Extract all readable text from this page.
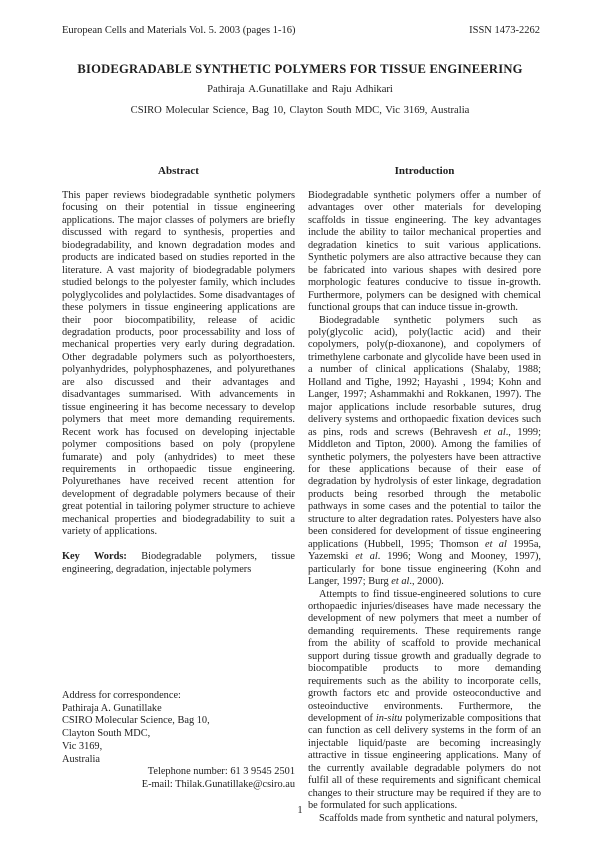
European Cells and Materials Vol. 5. 2003 (pages 1-16)	ISSN 1473-2262
BIODEGRADABLE SYNTHETIC POLYMERS FOR TISSUE ENGINEERING
Pathiraja A.Gunatillake and Raju Adhikari
CSIRO Molecular Science, Bag 10, Clayton South MDC, Vic 3169, Australia
Abstract

This paper reviews biodegradable synthetic polymers focusing on their potential in tissue engineering applications. The major classes of polymers are briefly discussed with regard to synthesis, properties and biodegradability, and known degradation modes and products are indicated based on studies reported in the literature. A vast majority of biodegradable polymers studied belongs to the polyester family, which includes polyglycolides and polylactides. Some disadvantages of these polymers in tissue engineering applications are their poor biocompatibility, release of acidic degradation products, poor processability and loss of mechanical properties very early during degradation. Other degradable polymers such as polyorthoesters, polyanhydrides, polyphosphazenes, and polyurethanes are also discussed and their advantages and disadvantages summarised. With advancements in tissue engineering it has become necessary to develop polymers that meet more demanding requirements. Recent work has focused on developing injectable polymer compositions based on poly (propylene fumarate) and poly (anhydrides) to meet these requirements in orthopaedic tissue engineering. Polyurethanes have received recent attention for development of degradable polymers because of their great potential in tailoring polymer structure to achieve mechanical properties and biodegradability to suit a variety of applications.

Key Words: Biodegradable polymers, tissue engineering, degradation, injectable polymers

Address for correspondence:
Pathiraja A. Gunatillake
CSIRO Molecular Science, Bag 10,
Clayton South MDC,
Vic 3169,
Australia
Telephone number: 61 3 9545 2501
E-mail: Thilak.Gunatillake@csiro.au
Introduction

Biodegradable synthetic polymers offer a number of advantages over other materials for developing scaffolds in tissue engineering. The key advantages include the ability to tailor mechanical properties and degradation kinetics to suit various applications. Synthetic polymers are also attractive because they can be fabricated into various shapes with desired pore morphologic features conducive to tissue in-growth. Furthermore, polymers can be designed with chemical functional groups that can induce tissue in-growth.

Biodegradable synthetic polymers such as poly(glycolic acid), poly(lactic acid) and their copolymers, poly(p-dioxanone), and copolymers of trimethylene carbonate and glycolide have been used in a number of clinical applications (Shalaby, 1988; Holland and Tighe, 1992; Hayashi , 1994; Kohn and Langer, 1997; Ashammakhi and Rokkanen, 1997). The major applications include resorbable sutures, drug delivery systems and orthopaedic fixation devices such as pins, rods and screws (Behravesh et al., 1999; Middleton and Tipton, 2000). Among the families of synthetic polymers, the polyesters have been attractive for these applications because of their ease of degradation by hydrolysis of ester linkage, degradation products being resorbed through the metabolic pathways in some cases and the potential to tailor the structure to alter degradation rates. Polyesters have also been considered for development of tissue engineering applications (Hubbell, 1995; Thomson et al 1995a, Yazemski et al. 1996; Wong and Mooney, 1997), particularly for bone tissue engineering (Kohn and Langer, 1997; Burg et al., 2000).

Attempts to find tissue-engineered solutions to cure orthopaedic injuries/diseases have made necessary the development of new polymers that meet a number of demanding requirements. These requirements range from the ability of scaffold to provide mechanical support during tissue growth and gradually degrade to biocompatible products to more demanding requirements such as the ability to incorporate cells, growth factors etc and provide osteoconductive and osteoinductive environments. Furthermore, the development of in-situ polymerizable compositions that can function as cell delivery systems in the form of an injectable liquid/paste are becoming increasingly attractive in tissue engineering applications. Many of the currently available degradable polymers do not fulfil all of these requirements and significant chemical changes to their structure may be required if they are to be formulated for such applications.

Scaffolds made from synthetic and natural polymers,

1
